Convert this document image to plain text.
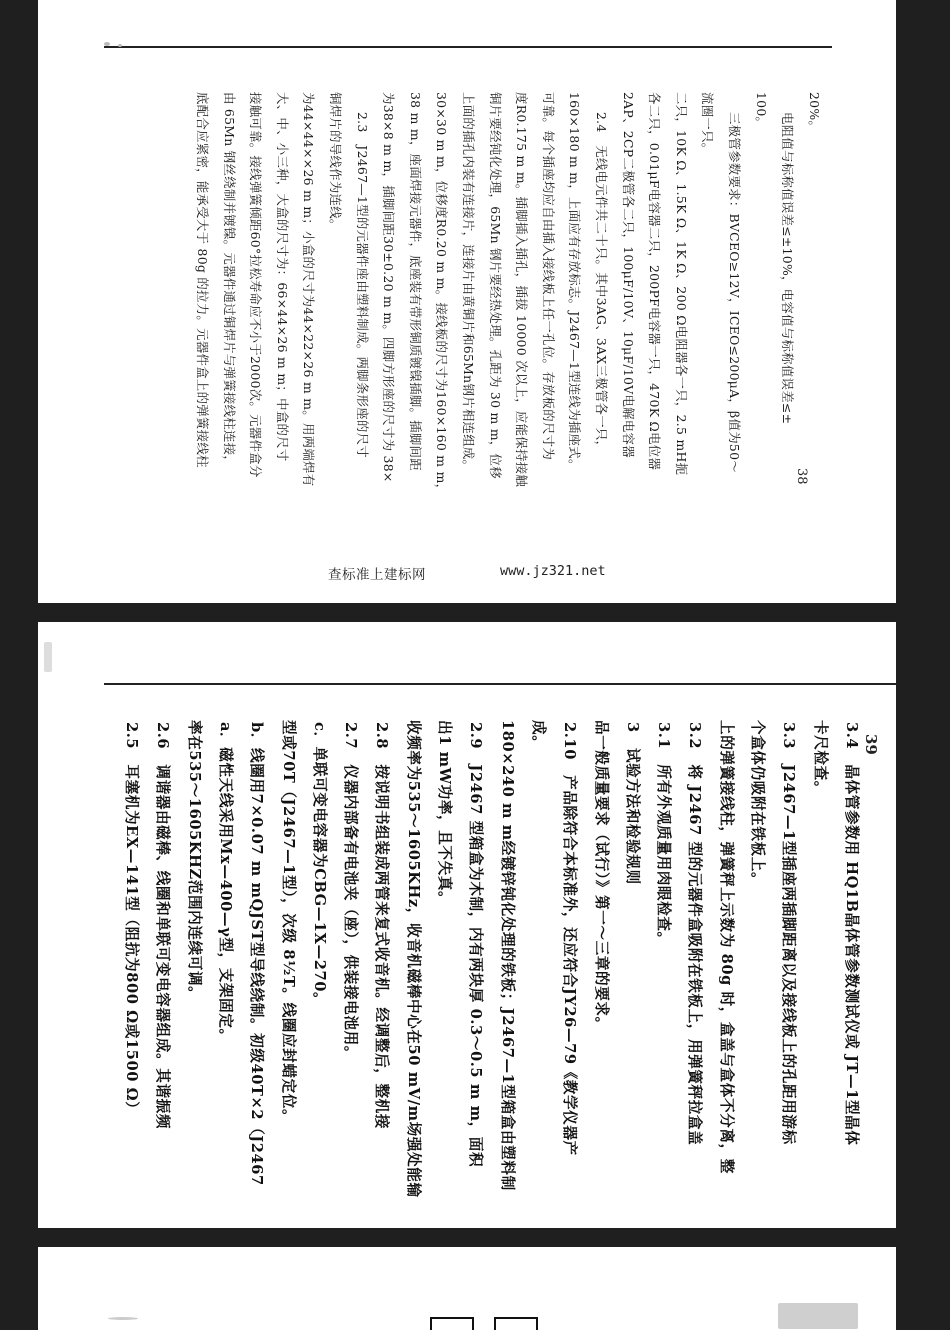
底配合应紧密，能承受大于 80g 的拉力。元器件盒上的弹簧接线柱 由 65Mn 钢丝绕制并镀镍。元器件通过铜焊片与弹簧接线柱连接， 接触可靠。接线弹簧倾距60°拉松寿命应不小于2000次。元器件盒分 大、中、小三种，大盒的尺寸为：66×44×26 m m；中盒的尺寸 为44×44××26 m m；小盒的尺寸为44×22×26 m m。用两端焊有 铜焊片的导线作为连线。 2.3　J2467—1型的元器件座由塑料制成。两脚条形座的尺寸 为38×8 m m，插脚间距30±0.20 m m。四脚方形座的尺寸为 38× 38 m m，座面焊接元器件，底座装有带形铜质镀镍插脚。插脚间距 30×30 m m，位移度R0.20 m m。接线板的尺寸为160×160 m m， 上面的插孔内装有连接片，连接片由黄铜片和65Mn钢片相连组成。 铜片要经钝化处理，65Mn 钢片要经热处理。孔距为 30 m m，位移 度R0.175 m m。插脚插入插孔，插拔 10000 次以上，应能保持接触 可靠。每个插座均应自由插入接线板上任一孔位。存放板的尺寸为 160×180 m m，上面应有存放标志。J2467—1型连线为插座式。 2.4　无线电元件共二十只。其中3AG、3AX三极管各一只， 2AP、2CP二极管各二只，100μF/10V、10μF/10V电解电容器 各二只，0.01μF电容器二只，200PF电容器一只，470K Ω电位器 二只，10K Ω、1.5K Ω、1K Ω、200 Ω电阻器各一只，2.5 mH扼 流圈一只。 三极管参数要求：BVCEO≥12V，ICEO≤200μA，β值为50～
100。
电阻值与标称值误差≤±10%，电容值与标称值误差≤± 20%。
38
查标准上建标网	www.jz321.net
2.5　耳塞机为EX—141型（阻抗为800 Ω或1500 Ω） 2.6　调谐器由磁棒、线圈和单联可变电容器组成。其谐振频 率在535～1605KHZ范围内连续可调。 a．磁性天线采用Mx—400—γ型，支架固定。 b．线圈用7×0.07 m mQJST型导线绕制。初级40T×2（J2467 型或70T（J2467—1型），次级 8½T。线圈应封蜡定位。 c．单联可变电容器为CBG—1X—270。 2.7　仪器内部备有电池夹（座），供装接电池用。 2.8　按说明书组装成两管来复式收音机。经调整后，整机接 收频率为535～1605KHz，收音机磁棒中心在50 mV/m场强处能输 出1 mW功率，且不失真。 2.9　J2467 型箱盒为木制，内有两块厚 0.3～0.5 m m，面积 180×240 m m经镀锌钝化处理的铁板；J2467—1型箱盒由塑料制 成。 2.10　产品除符合本标准外，还应符合JY26—79《教学仪器产 品一般质量要求（试行）》第一～三章的要求。 3　试验方法和检验规则 3.1　所有外观质量用肉眼检查。 3.2　将 J2467 型的元器件盒吸附在铁板上，用弹簧秤拉盒盖 上的弹簧接线柱，弹簧秤上示数为 80g 时，盒盖与盒体不分离，整 个盒体仍吸附在铁板上。 3.3　J2467—1型插座两插脚距离以及接线板上的孔距用游标 卡尺检查。 3.4　晶体管参数用 HQ1B晶体管参数测试仪或 JT—1型晶体 39
